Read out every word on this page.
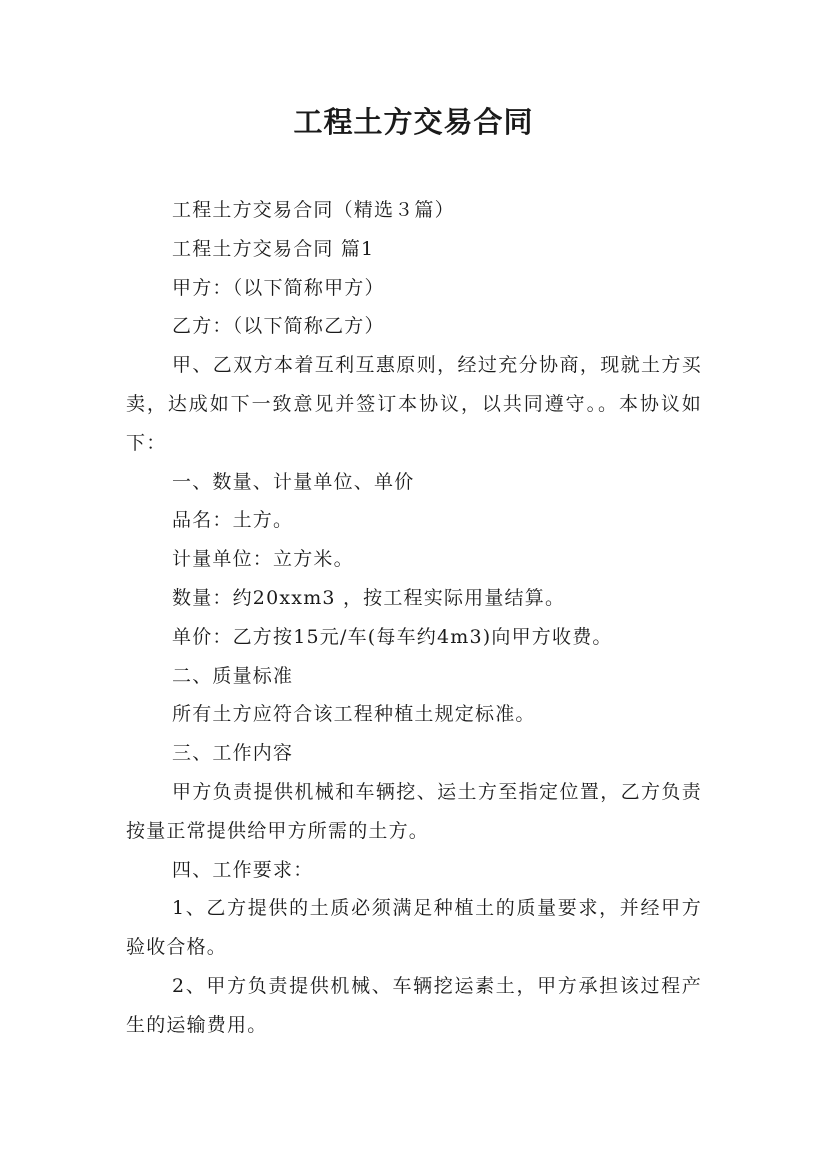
工程土方交易合同

工程土方交易合同（精选３篇）

工程土方交易合同 篇1

甲方：（以下简称甲方）

乙方：（以下简称乙方）

甲、乙双方本着互利互惠原则，经过充分协商，现就土方买卖，达成如下一致意见并签订本协议，以共同遵守。。本协议如下：

一、数量、计量单位、单价

品名：土方。

计量单位：立方米。

数量：约20xxm3 ，按工程实际用量结算。

单价：乙方按15元/车(每车约4m3)向甲方收费。

二、质量标准

所有土方应符合该工程种植土规定标准。

三、工作内容

甲方负责提供机械和车辆挖、运土方至指定位置，乙方负责按量正常提供给甲方所需的土方。

四、工作要求：

1、乙方提供的土质必须满足种植土的质量要求，并经甲方验收合格。

2、甲方负责提供机械、车辆挖运素土，甲方承担该过程产生的运输费用。
